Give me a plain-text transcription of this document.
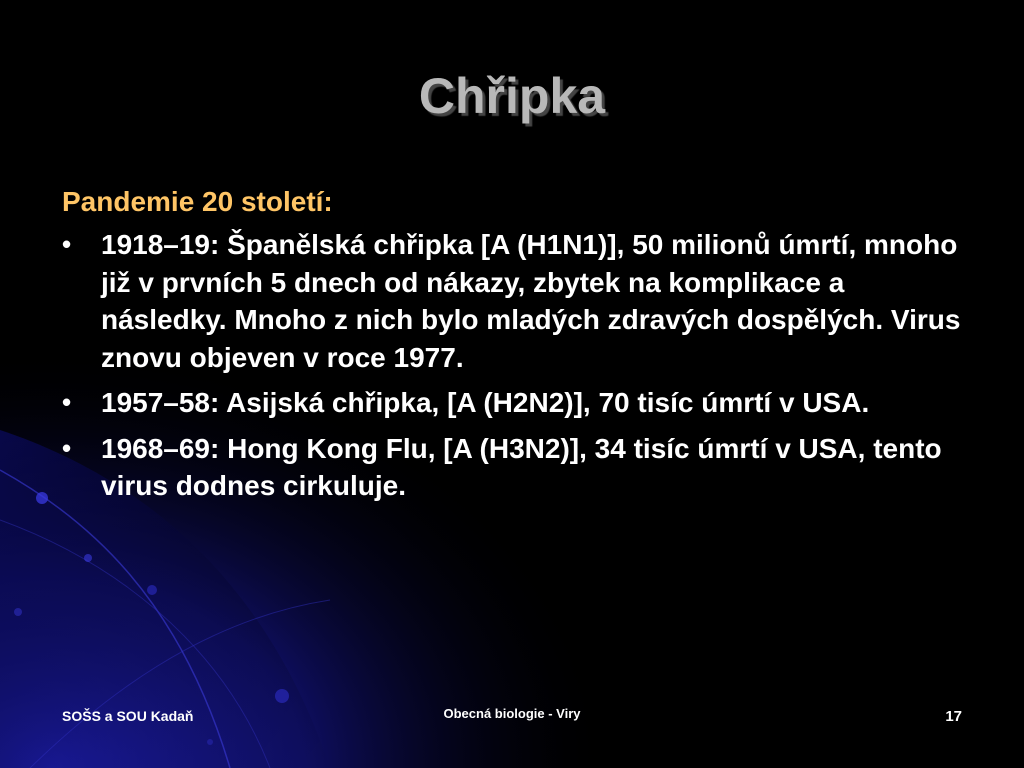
Chřipka
Pandemie 20 století:
• 1918–19: Španělská chřipka [A (H1N1)], 50 milionů úmrtí, mnoho již v prvních 5 dnech od nákazy, zbytek na komplikace a následky. Mnoho z nich bylo mladých zdravých dospělých. Virus znovu objeven v roce 1977.
• 1957–58: Asijská chřipka, [A (H2N2)], 70 tisíc úmrtí v USA.
• 1968–69: Hong Kong Flu, [A (H3N2)], 34 tisíc úmrtí v USA, tento virus dodnes cirkuluje.
SOŠS a SOU Kadaň	Obecná biologie - Viry	17
